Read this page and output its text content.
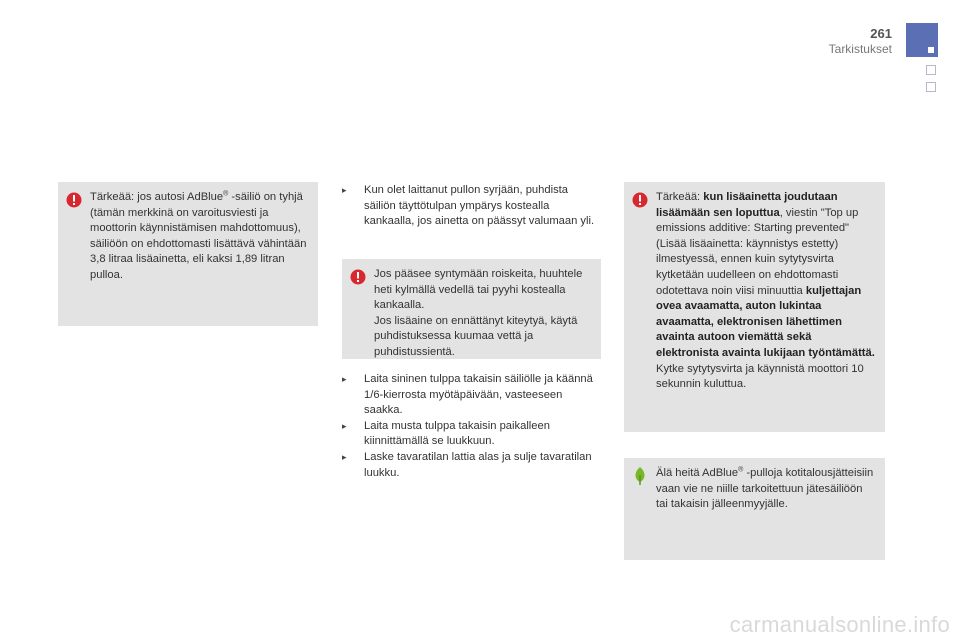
261
Tarkistukset

Tärkeää: jos autosi AdBlue® -säiliö on tyhjä (tämän merkkinä on varoitusviesti ja moottorin käynnistämisen mahdottomuus), säiliöön on ehdottomasti lisättävä vähintään 3,8 litraa lisäainetta, eli kaksi 1,89 litran pulloa.

▸ Kun olet laittanut pullon syrjään, puhdista säiliön täyttötulpan ympärys kostealla kankaalla, jos ainetta on päässyt valumaan yli.

Jos pääsee syntymään roiskeita, huuhtele heti kylmällä vedellä tai pyyhi kostealla kankaalla.

Jos lisäaine on ennättänyt kiteytyä, käytä puhdistuksessa kuumaa vettä ja puhdistussientä.

▸ Laita sininen tulppa takaisin säiliölle ja käännä 1/6-kierrosta myötäpäivään, vasteeseen saakka.

▸ Laita musta tulppa takaisin paikalleen kiinnittämällä se luukkuun.

▸ Laske tavaratilan lattia alas ja sulje tavaratilan luukku.

Tärkeää: kun lisäainetta joudutaan lisäämään sen loputtua, viestin "Top up emissions additive: Starting prevented" (Lisää lisäainetta: käynnistys estetty) ilmestyessä, ennen kuin sytytysvirta kytketään uudelleen on ehdottomasti odotettava noin viisi minuuttia kuljettajan ovea avaamatta, auton lukintaa avaamatta, elektronisen lähettimen avainta autoon viemättä sekä elektronista avainta lukijaan työntämättä.

Kytke sytytysvirta ja käynnistä moottori 10 sekunnin kuluttua.

Älä heitä AdBlue® -pulloja kotitalousjätteisiin vaan vie ne niille tarkoitettuun jätesäiliöön tai takaisin jälleenmyyjälle.

carmanualsonline.info
